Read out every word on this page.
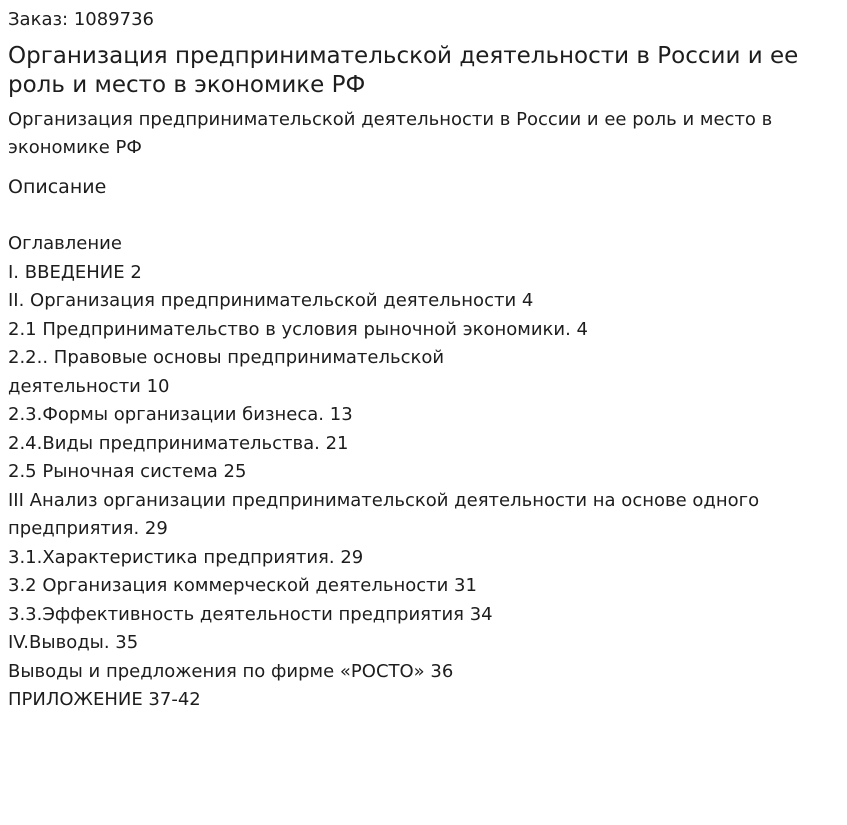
Заказ: 1089736
Организация предпринимательской деятельности в России и ее роль и место в экономике РФ
Организация предпринимательской деятельности в России и ее роль и место в экономике РФ
Описание
Оглавление
I. ВВЕДЕНИЕ 2
II. Организация предпринимательской деятельности 4
2.1 Предпринимательство в условия рыночной экономики. 4
2.2.. Правовые основы предпринимательской
деятельности 10
2.3.Формы организации бизнеса. 13
2.4.Виды предпринимательства. 21
2.5 Рыночная система 25
III Анализ организации предпринимательской деятельности на основе одного предприятия. 29
3.1.Характеристика предприятия. 29
3.2 Организация коммерческой деятельности 31
3.3.Эффективность деятельности предприятия 34
IV.Выводы. 35
Выводы и предложения по фирме «РОСТО» 36
ПРИЛОЖЕНИЕ 37-42
